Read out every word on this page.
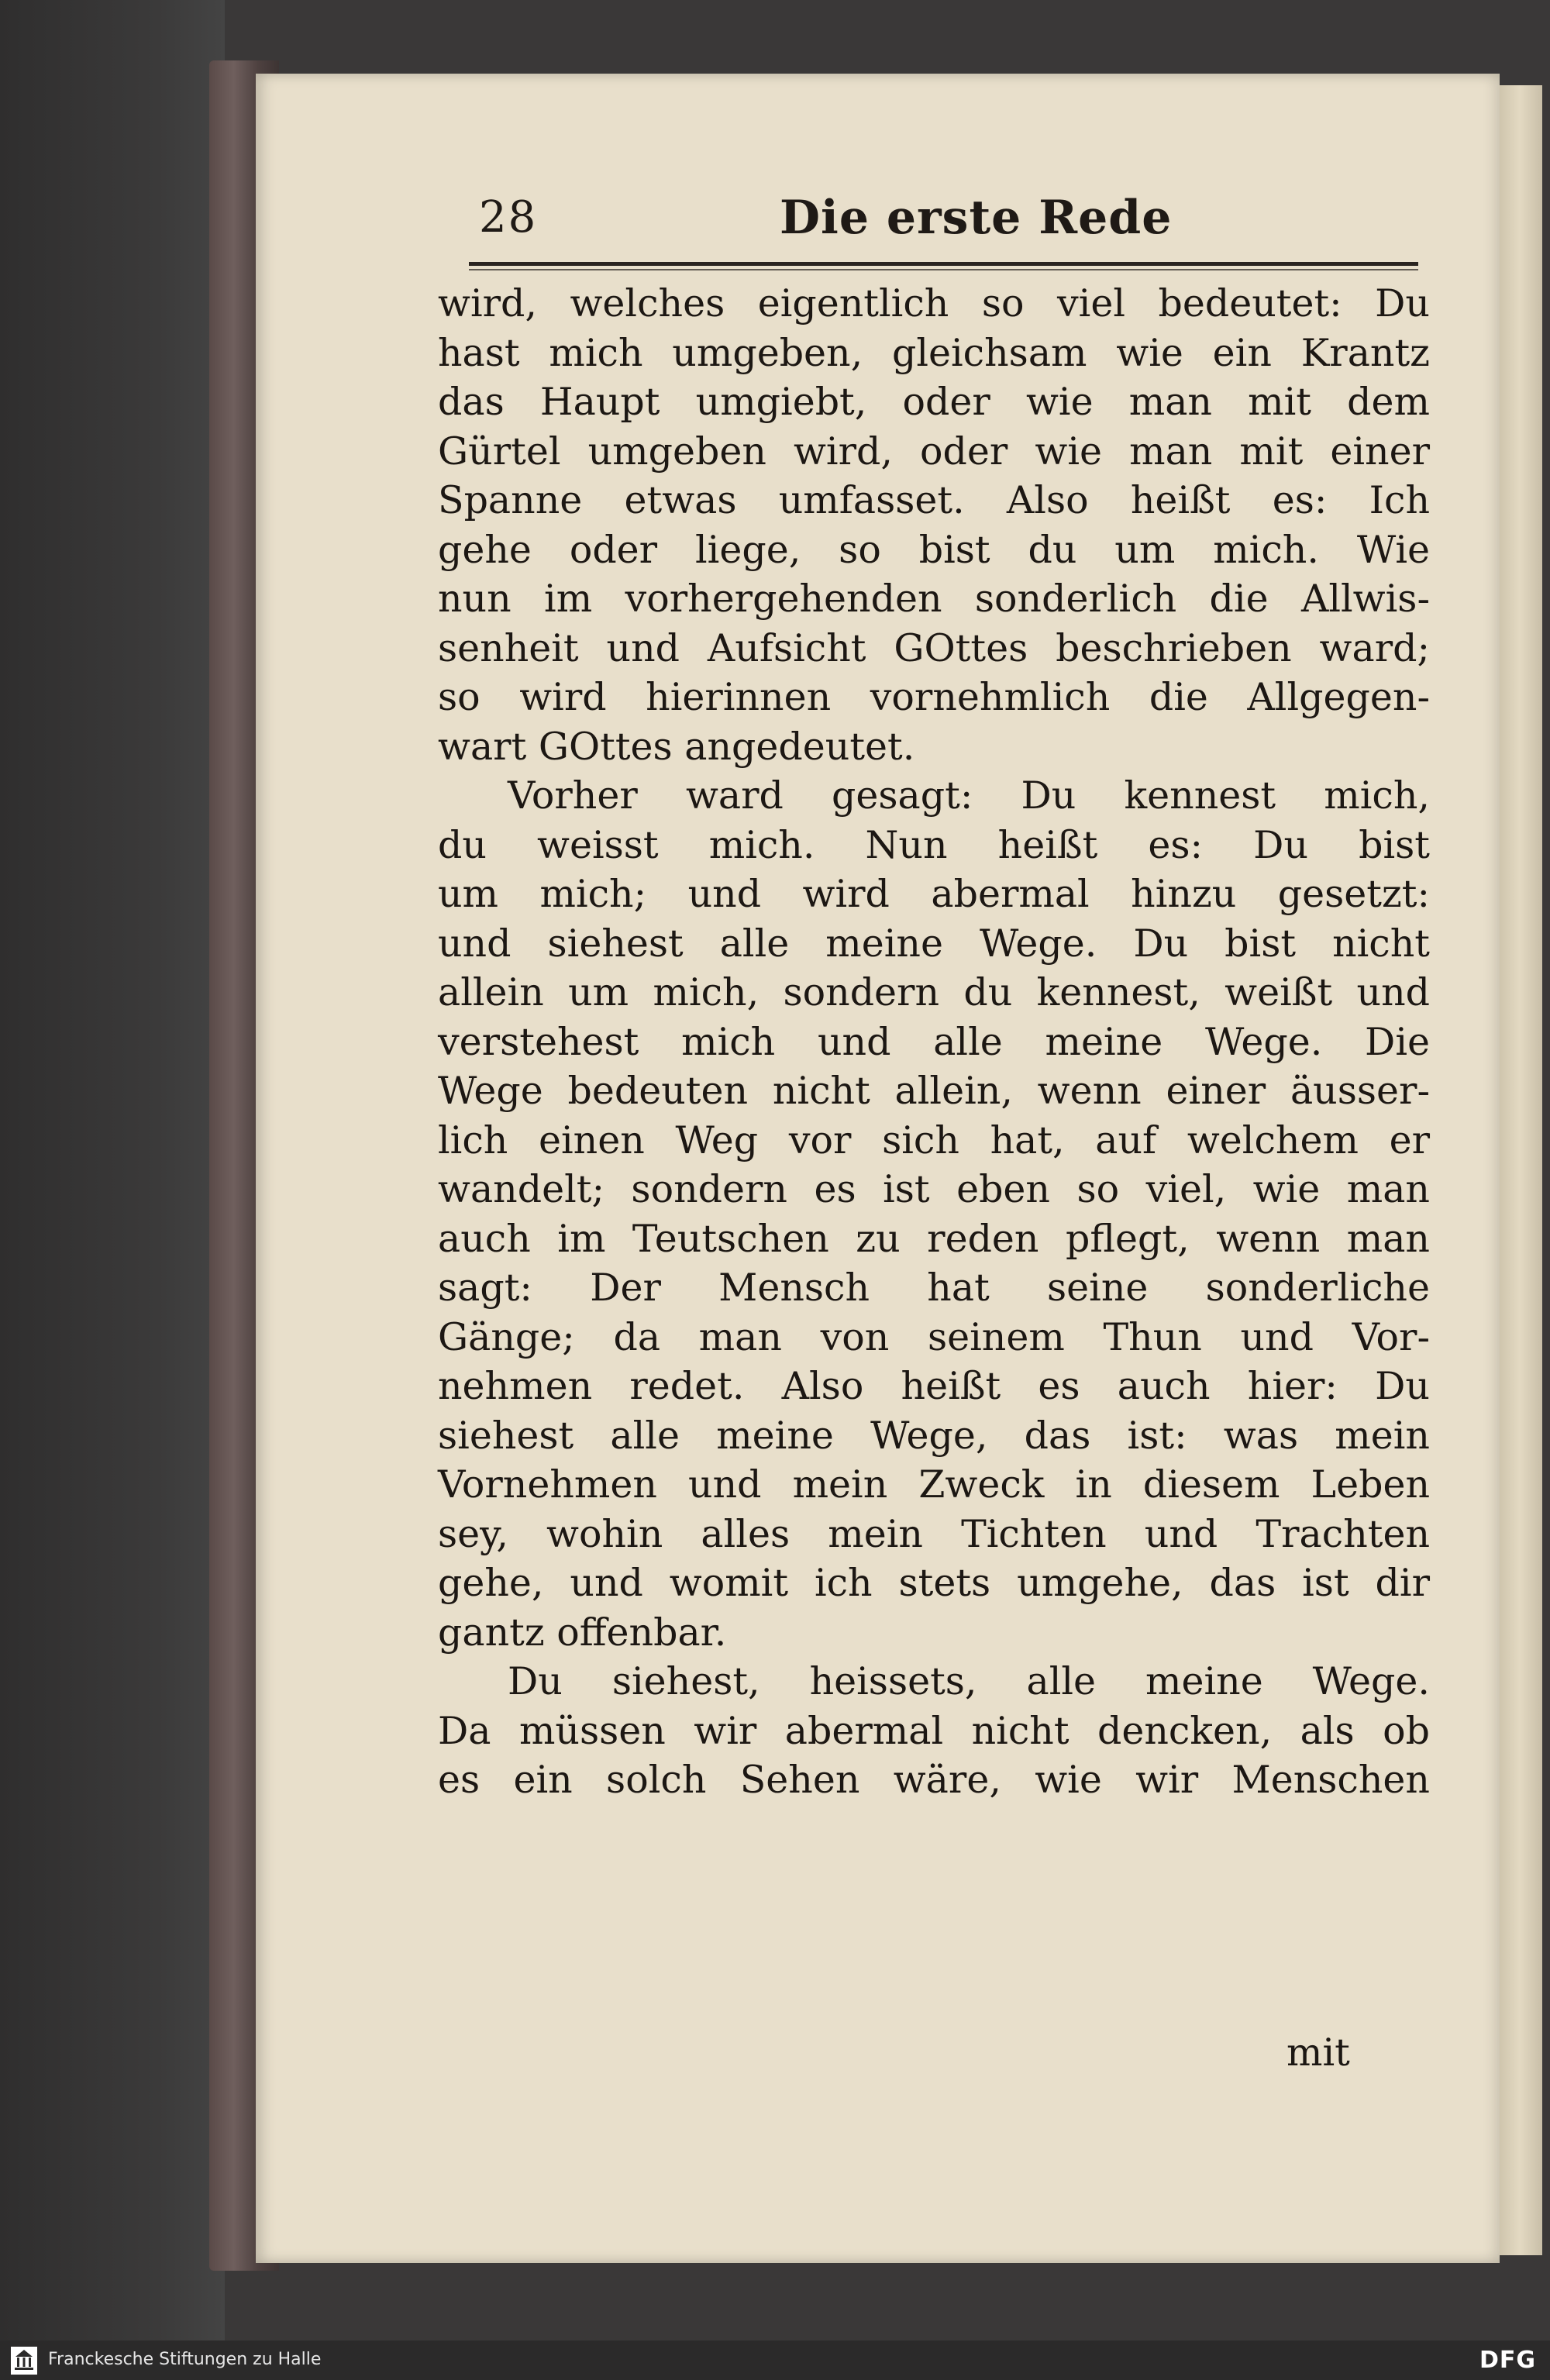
28	Die erste Rede
wird, welches eigentlich so viel bedeutet: Du
hast mich umgeben, gleichsam wie ein Krantz
das Haupt umgiebt, oder wie man mit dem
Gürtel umgeben wird, oder wie man mit einer
Spanne etwas umfasset. Also heißt es: Ich
gehe oder liege, so bist du um mich. Wie
nun im vorhergehenden sonderlich die Allwis-
senheit und Aufsicht GOttes beschrieben ward;
so wird hierinnen vornehmlich die Allgegen-
wart GOttes angedeutet.
Vorher ward gesagt: Du kennest mich,
du weisst mich. Nun heißt es: Du bist
um mich; und wird abermal hinzu gesetzt:
und siehest alle meine Wege. Du bist nicht
allein um mich, sondern du kennest, weißt und
verstehest mich und alle meine Wege. Die
Wege bedeuten nicht allein, wenn einer äusser-
lich einen Weg vor sich hat, auf welchem er
wandelt; sondern es ist eben so viel, wie man
auch im Teutschen zu reden pflegt, wenn man
sagt: Der Mensch hat seine sonderliche
Gänge; da man von seinem Thun und Vor-
nehmen redet. Also heißt es auch hier: Du
siehest alle meine Wege, das ist: was mein
Vornehmen und mein Zweck in diesem Leben
sey, wohin alles mein Tichten und Trachten
gehe, und womit ich stets umgehe, das ist dir
gantz offenbar.
Du siehest, heissets, alle meine Wege.
Da müssen wir abermal nicht dencken, als ob
es ein solch Sehen wäre, wie wir Menschen
mit
Franckesche Stiftungen zu Halle	DFG
